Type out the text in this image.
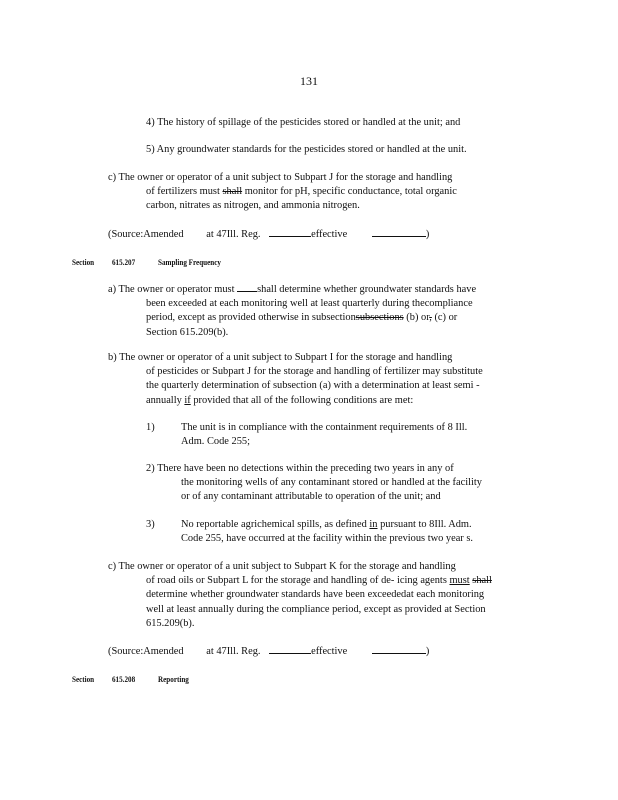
131
4) The history of spillage of the pesticides stored or handled at the unit; and
5) Any groundwater standards for the pesticides stored or handled at the unit.
c) The owner or operator of a unit subject to Subpart J for the storage and handling
of fertilizers must shall monitor for pH, specific conductance, total organic
carbon, nitrates as nitrogen, and ammonia nitrogen.
(Source:Amended at 47Ill. Reg.	effective	)
Section 615.207	Sampling Frequency
a) The owner or operator must shall determine whether groundwater standards have
been exceeded at each monitoring well at least quarterly during thecompliance
period, except as provided otherwise in subsectionsubsections (b) or, (c) or
Section 615.209(b).
b) The owner or operator of a unit subject to Subpart I for the storage and handling
of pesticides or Subpart J for the storage and handling of fertilizer may substitute
the quarterly determination of subsection (a) with a determination at least semi -
annually if provided that all of the following conditions are met:
1)	The unit is in compliance with the containment requirements of 8 Ill.
Adm. Code 255;
2) There have been no detections within the preceding two years in any of
the monitoring wells of any contaminant stored or handled at the facility
or of any contaminant attributable to operation of the unit; and
3)	No reportable agrichemical spills, as defined in pursuant to 8Ill. Adm.
Code 255, have occurred at the facility within the previous two year s.
c) The owner or operator of a unit subject to Subpart K for the storage and handling
of road oils or Subpart L for the storage and handling of de- icing agents must shall
determine whether groundwater standards have been exceededat each monitoring
well at least annually during the compliance period, except as provided at Section
615.209(b).
(Source:Amended at 47Ill. Reg.	effective	)
Section 615.208	Reporting
